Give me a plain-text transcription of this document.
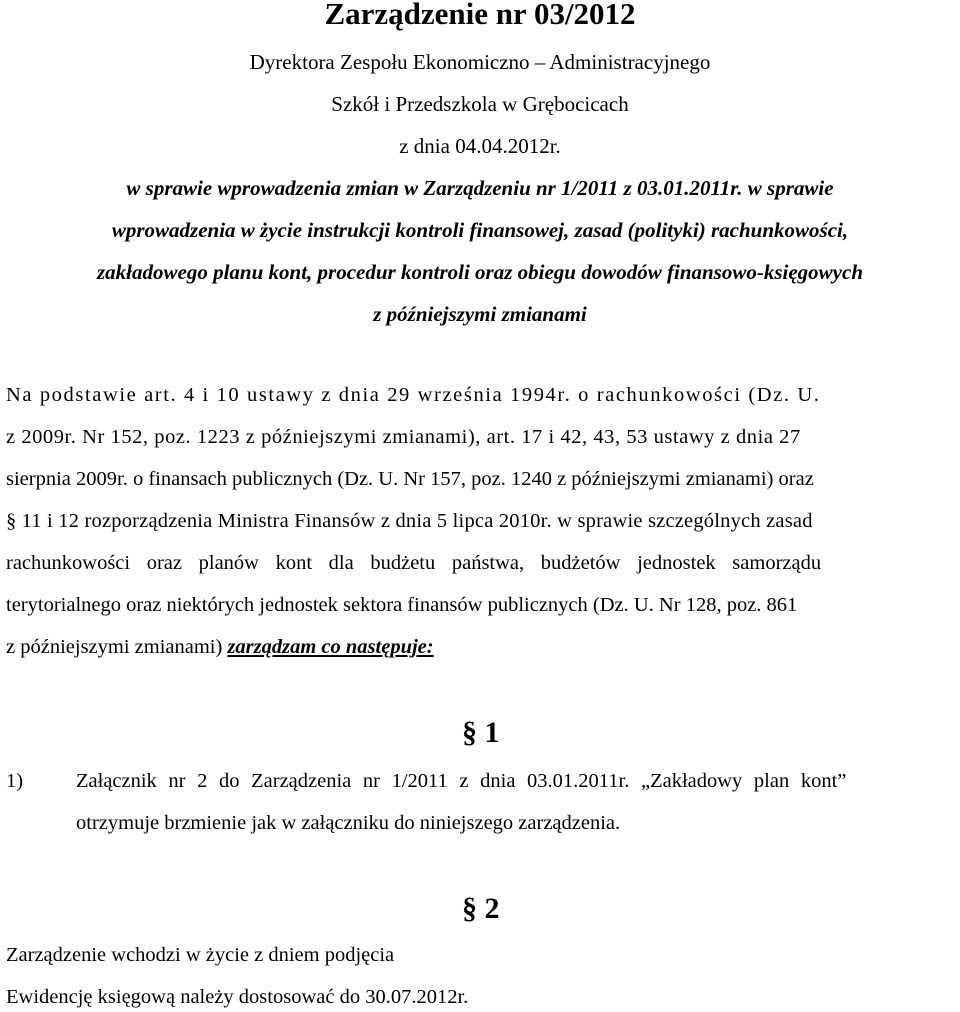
Zarządzenie nr 03/2012
Dyrektora Zespołu Ekonomiczno – Administracyjnego
Szkół i Przedszkola w Grębocicach
z dnia 04.04.2012r.
w sprawie wprowadzenia zmian w Zarządzeniu nr 1/2011 z 03.01.2011r. w sprawie
wprowadzenia w życie instrukcji kontroli finansowej, zasad (polityki) rachunkowości,
zakładowego planu kont, procedur kontroli oraz obiegu dowodów finansowo-księgowych
z późniejszymi zmianami
Na podstawie art. 4 i 10 ustawy z dnia 29 września 1994r. o rachunkowości (Dz. U.
z 2009r. Nr 152, poz. 1223 z późniejszymi zmianami), art. 17 i 42, 43, 53 ustawy z dnia 27
sierpnia 2009r. o finansach publicznych (Dz. U. Nr 157, poz. 1240 z późniejszymi zmianami) oraz
§ 11 i 12 rozporządzenia Ministra Finansów z dnia 5 lipca 2010r. w sprawie szczególnych zasad
rachunkowości oraz planów kont dla budżetu państwa, budżetów jednostek samorządu
terytorialnego oraz niektórych jednostek sektora finansów publicznych (Dz. U. Nr 128, poz. 861
z późniejszymi zmianami) zarządzam co następuje:
§ 1
1)	Załącznik nr 2 do Zarządzenia nr 1/2011 z dnia 03.01.2011r. „Zakładowy plan kont”
otrzymuje brzmienie jak w załączniku do niniejszego zarządzenia.
§ 2
Zarządzenie wchodzi w życie z dniem podjęcia
Ewidencję księgową należy dostosować do 30.07.2012r.
